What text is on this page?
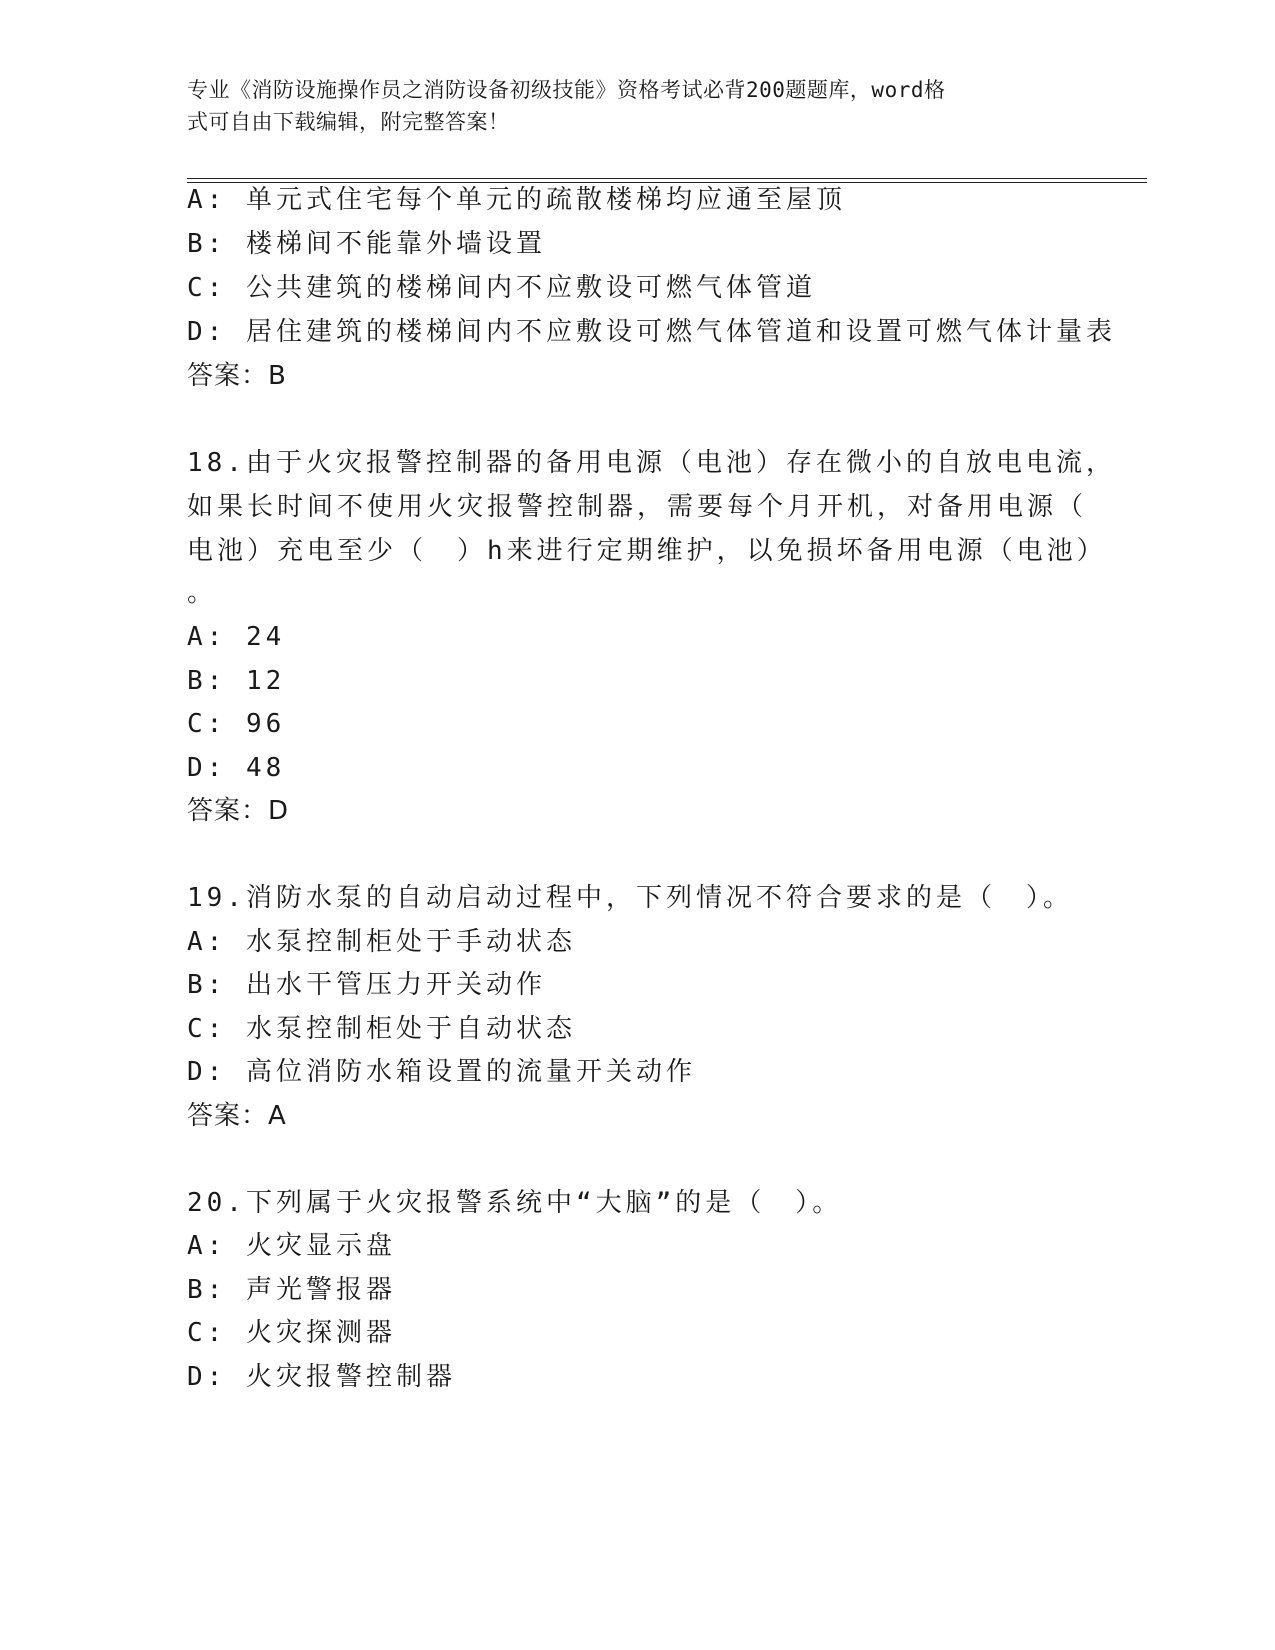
专业《消防设施操作员之消防设备初级技能》资格考试必背200题题库，word格
式可自由下载编辑，附完整答案！
A: 单元式住宅每个单元的疏散楼梯均应通至屋顶
B: 楼梯间不能靠外墙设置
C: 公共建筑的楼梯间内不应敷设可燃气体管道
D: 居住建筑的楼梯间内不应敷设可燃气体管道和设置可燃气体计量表
答案：B
18.由于火灾报警控制器的备用电源（电池）存在微小的自放电电流，
如果长时间不使用火灾报警控制器，需要每个月开机，对备用电源（
电池）充电至少（　）h来进行定期维护，以免损坏备用电源（电池）
。
A: 24
B: 12
C: 96
D: 48
答案：D
19.消防水泵的自动启动过程中，下列情况不符合要求的是（　）。
A: 水泵控制柜处于手动状态
B: 出水干管压力开关动作
C: 水泵控制柜处于自动状态
D: 高位消防水箱设置的流量开关动作
答案：A
20.下列属于火灾报警系统中“大脑”的是（　）。
A: 火灾显示盘
B: 声光警报器
C: 火灾探测器
D: 火灾报警控制器
